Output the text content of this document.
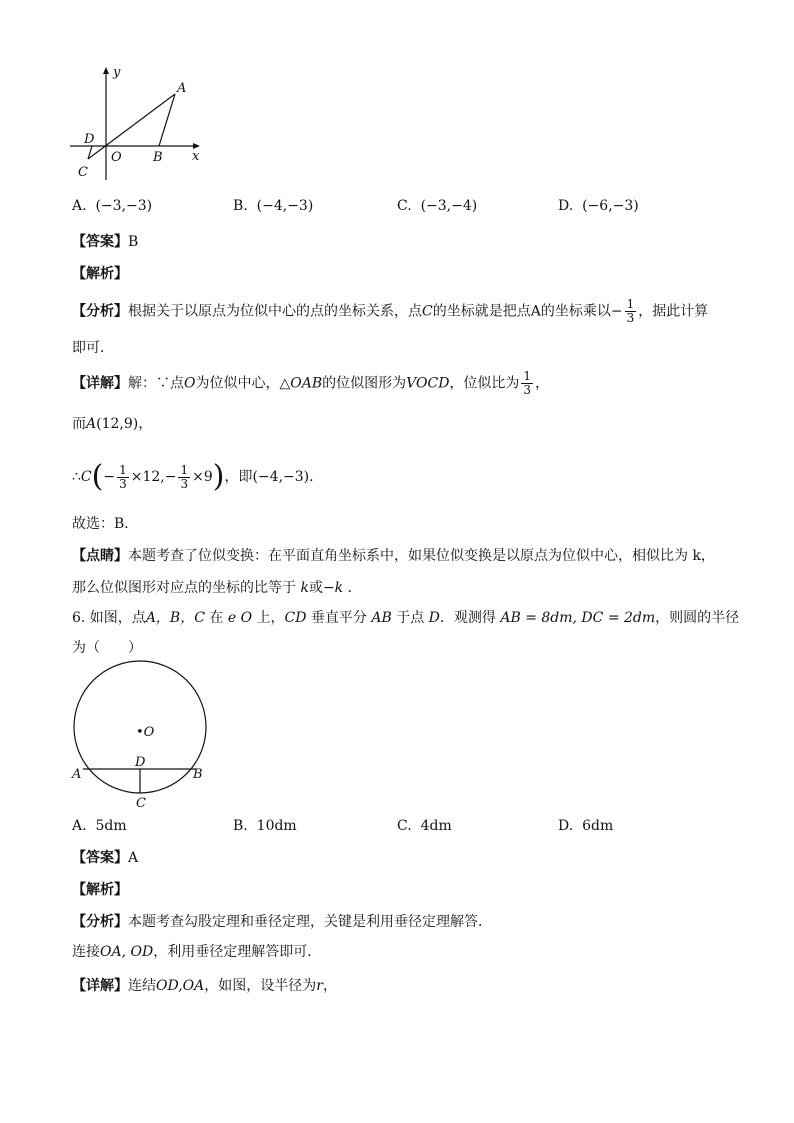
y
x
A
B
D
O
C
A. (−3,−3)	B. (−4,−3)	C. (−3,−4)	D. (−6,−3)
【答案】B
【解析】
【分析】根据关于以原点为位似中心的点的坐标关系，点C的坐标就是把点A的坐标乘以− $\frac{1}{3}$ ，据此计算
即可．
【详解】解：∵点O为位似中心，△OAB的位似图形为VOCD，位似比为 $\frac{1}{3}$ ，
而A(12,9)，
∴C(− $\frac{1}{3} \times 12,- \frac{1}{3} \times 9$)，即(−4,−3)．
故选：B．
【点睛】本题考查了位似变换：在平面直角坐标系中，如果位似变换是以原点为位似中心，相似比为 k，
那么位似图形对应点的坐标的比等于 k或−k ．
6. 如图，点A，B，C 在 e O 上，CD 垂直平分 AB 于点 D．观测得 AB = 8dm, DC = 2dm，则圆的半径
为（　　）
•O
D
A	B
C
A. 5dm	B. 10dm	C. 4dm	D. 6dm
【答案】A
【解析】
【分析】本题考查勾股定理和垂径定理，关键是利用垂径定理解答．
连接OA, OD，利用垂径定理解答即可．
【详解】连结OD,OA，如图，设半径为r，
